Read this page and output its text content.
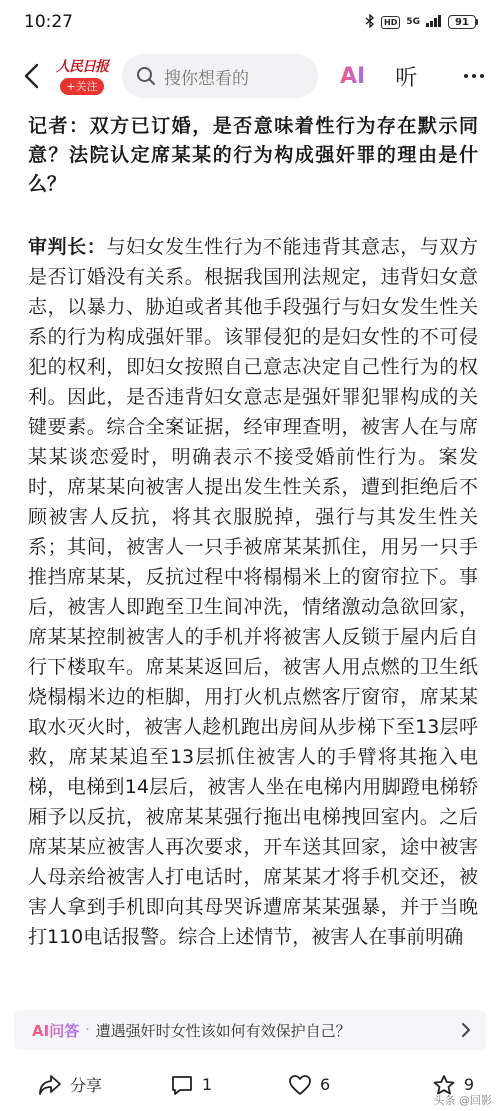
10:27	HD	5G	91
人民日报
+关注	搜你想看的	AI 听

记者：双方已订婚，是否意味着性行为存在默示同意？法院认定席某某的行为构成强奸罪的理由是什么？

审判长：与妇女发生性行为不能违背其意志，与双方是否订婚没有关系。根据我国刑法规定，违背妇女意志，以暴力、胁迫或者其他手段强行与妇女发生性关系的行为构成强奸罪。该罪侵犯的是妇女性的不可侵犯的权利，即妇女按照自己意志决定自己性行为的权利。因此，是否违背妇女意志是强奸罪犯罪构成的关键要素。综合全案证据，经审理查明，被害人在与席某某谈恋爱时，明确表示不接受婚前性行为。案发时，席某某向被害人提出发生性关系，遭到拒绝后不顾被害人反抗，将其衣服脱掉，强行与其发生性关系；其间，被害人一只手被席某某抓住，用另一只手推挡席某某，反抗过程中将榻榻米上的窗帘拉下。事后，被害人即跑至卫生间冲洗，情绪激动急欲回家，席某某控制被害人的手机并将被害人反锁于屋内后自行下楼取车。席某某返回后，被害人用点燃的卫生纸烧榻榻米边的柜脚，用打火机点燃客厅窗帘，席某某取水灭火时，被害人趁机跑出房间从步梯下至13层呼救，席某某追至13层抓住被害人的手臂将其拖入电梯，电梯到14层后，被害人坐在电梯内用脚蹬电梯轿厢予以反抗，被席某某强行拖出电梯拽回室内。之后席某某应被害人再次要求，开车送其回家，途中被害人母亲给被害人打电话时，席某某才将手机交还，被害人拿到手机即向其母哭诉遭席某某强暴，并于当晚打110电话报警。综合上述情节，被害人在事前明确

AI问答 · 遭遇强奸时女性该如何有效保护自己？
分享	1	6	9
头条 @回影
